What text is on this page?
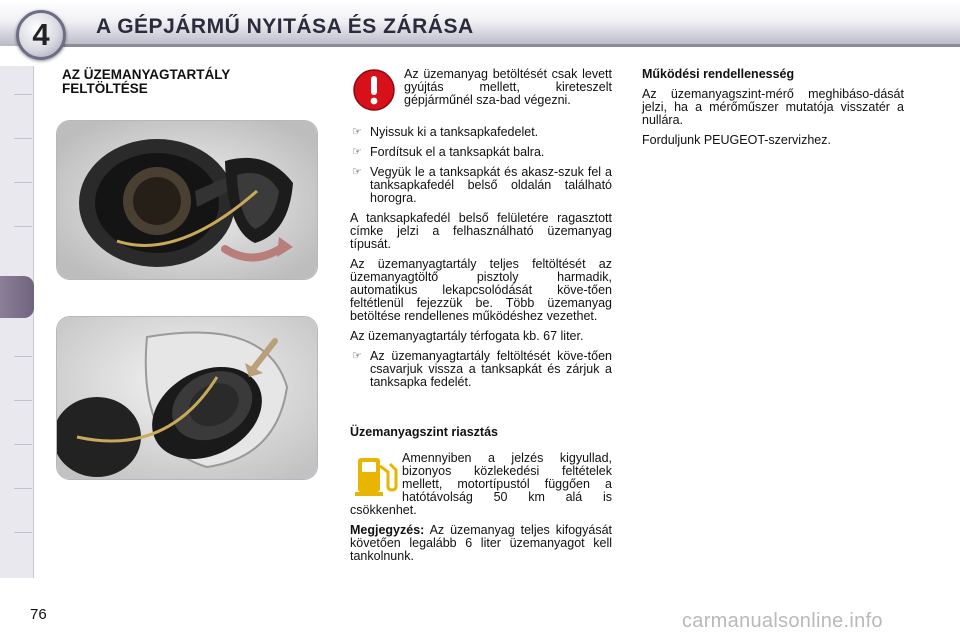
4 A GÉPJÁRMŰ NYITÁSA ÉS ZÁRÁSA
AZ ÜZEMANYAGTARTÁLY FELTÖLTÉSE
Az üzemanyag betöltését csak levett gyújtás mellett, kireteszelt gépjárműnél sza-bad végezni.

☞ Nyissuk ki a tanksapkafedelet.

☞ Fordítsuk el a tanksapkát balra.

☞ Vegyük le a tanksapkát és akasz-szuk fel a tanksapkafedél belső oldalán található horogra.

A tanksapkafedél belső felületére ragasztott címke jelzi a felhasználható üzemanyag típusát.

Az üzemanyagtartály teljes feltöltését az üzemanyagtöltő pisztoly harmadik, automatikus lekapcsolódását köve-tően feltétlenül fejezzük be. Több üzemanyag betöltése rendellenes működéshez vezethet.

Az üzemanyagtartály térfogata kb. 67 liter.

☞ Az üzemanyagtartály feltöltését köve-tően csavarjuk vissza a tanksapkát és zárjuk a tanksapka fedelét.

Üzemanyagszint riasztás

Amennyiben a jelzés kigyullad, bizonyos közlekedési feltételek mellett, motortípustól függően a hatótávolság 50 km alá is csökkenhet.

Megjegyzés: Az üzemanyag teljes kifogyását követően legalább 6 liter üzemanyagot kell tankolnunk.

Működési rendellenesség

Az üzemanyagszint-mérő meghibáso-dását jelzi, ha a mérőműszer mutatója visszatér a nullára.

Forduljunk PEUGEOT-szervizhez.

76	carmanualsonline.info
